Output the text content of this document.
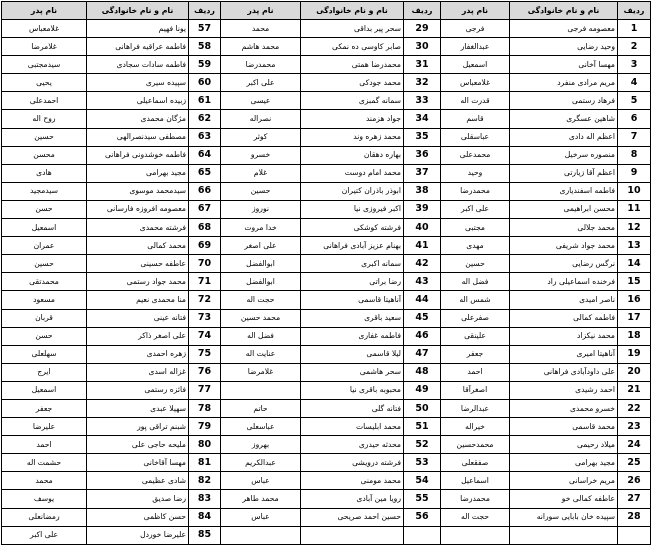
ردیف	نام و نام خانوادگی	نام پدر	ردیف	نام و نام خانوادگی	نام پدر	ردیف	نام و نام خانوادگی	نام پدر
1	معصومه فرجی	فرجی	29	سحر پیر بداقی	محمد	57	یونا فهیم	غلامعباس
2	وحید رضایی	عبدالغفار	30	صابر کاوسی ده نمکی	محمد هاشم	58	فاطمه عراقیه فراهانی	غلامرضا
3	مهسا آخانی	اسمعیل	31	محمدرضا همتی	محمدرضا	59	فاطمه سادات سجادی	سیدمجتبی
4	مریم مرادی منفرد	غلامعباس	32	محمد جودکی	علی اکبر	60	سپیده سیری	یحیی
5	فرهاد رستمی	قدرت اله	33	سمانه گمبزی	عیسی	61	زبیده اسماعیلی	احمدعلی
6	شاهین عسگری	قاسم	34	جواد هزمند	نصراله	62	مژگان محمدی	روح اله
7	اعظم اله دادی	عباسقلی	35	محمد زهره وند	کوثر	63	مصطفی سیدنصرالهی	حسین
8	منصوره سرخیل	محمدعلی	36	بهاره دهقان	خسرو	64	فاطمه خوشدونی فراهانی	محسن
9	اعظم آقا زیارتی	وحید	37	محمد امام دوست	غلام	65	مجید بهرامی	هادی
10	فاطمه اسفندیاری	محمدرضا	38	ابوذر باذران کتیران	حسین	66	سیدمحمد موسوی	سیدمجید
11	محسن ابراهیمی	علی اکبر	39	اکبر فیروزی نیا	نوروز	67	معصومه افروزه فارسانی	حسن
12	محمد جلالی	مجتبی	40	فرشته کوشکی	خدا مروت	68	فرشته محمدی	اسمعیل
13	محمد جواد شریفی	مهدی	41	بهنام عزیز آبادی فراهانی	علی اصغر	69	محمد کمالی	عمران
14	نرگس رضایی	حسین	42	سمانه اکبری	ابوالفضل	70	عاطفه حسینی	حسین
15	فرخنده اسماعیلی راد	فضل اله	43	رضا براتی	ابوالفضل	71	محمد جواد رستمی	محمدتقی
16	ناصر امیدی	شمس اله	44	آناهیتا قاسمی	حجت اله	72	منا محمدی نعیم	مسعود
17	فاطمه کمالی	صفرعلی	45	سعید باقری	محمد حسین	73	فتانه عینی	قربان
18	محمد نیکزاد	علینقی	46	فاطمه غفاری	فضل اله	74	علی اصغر ذاکر	حسن
19	آناهیتا امیری	جعفر	47	لیلا قاسمی	عنایت اله	75	زهره احمدی	سهلعلی
20	علی داودآبادی فراهانی	احمد	48	سحر هاشمی	غلامرضا	76	غزاله اسدی	ایرج
21	احمد رشیدی	اصغرآقا	49	محبوبه باقری نیا		77	فائزه رستمی	اسمعیل
22	خسرو محمدی	عبدالرضا	50	فتانه گلی	حاتم	78	سهیلا عبدی	جعفر
23	محمد قاسمی	خیراله	51	محمد ابلیسات	عباسعلی	79	شبنم تراقی پور	علیرضا
24	میلاد رحیمی	محمدحسین	52	محدثه حیدری	بهروز	80	ملیحه حاجی علی	احمد
25	مجید بهرامی	صفقعلی	53	فرشته درویشی	عبدالکریم	81	مهسا آقاخانی	حشمت اله
26	مریم خراسانی	اسماعیل	54	محمد مومنی	عباس	82	شادی عظیمی	محمد
27	عاطفه کمالی خو	محمدرضا	55	رویا مین آبادی	محمد طاهر	83	رضا صدیق	یوسف
28	سپیده خان بابایی سورانه	حجت اله	56	حسین احمد صریحی	عباس	84	حسن کاظمی	رمضانعلی
						85	علیرضا خوردل	علی اکبر
